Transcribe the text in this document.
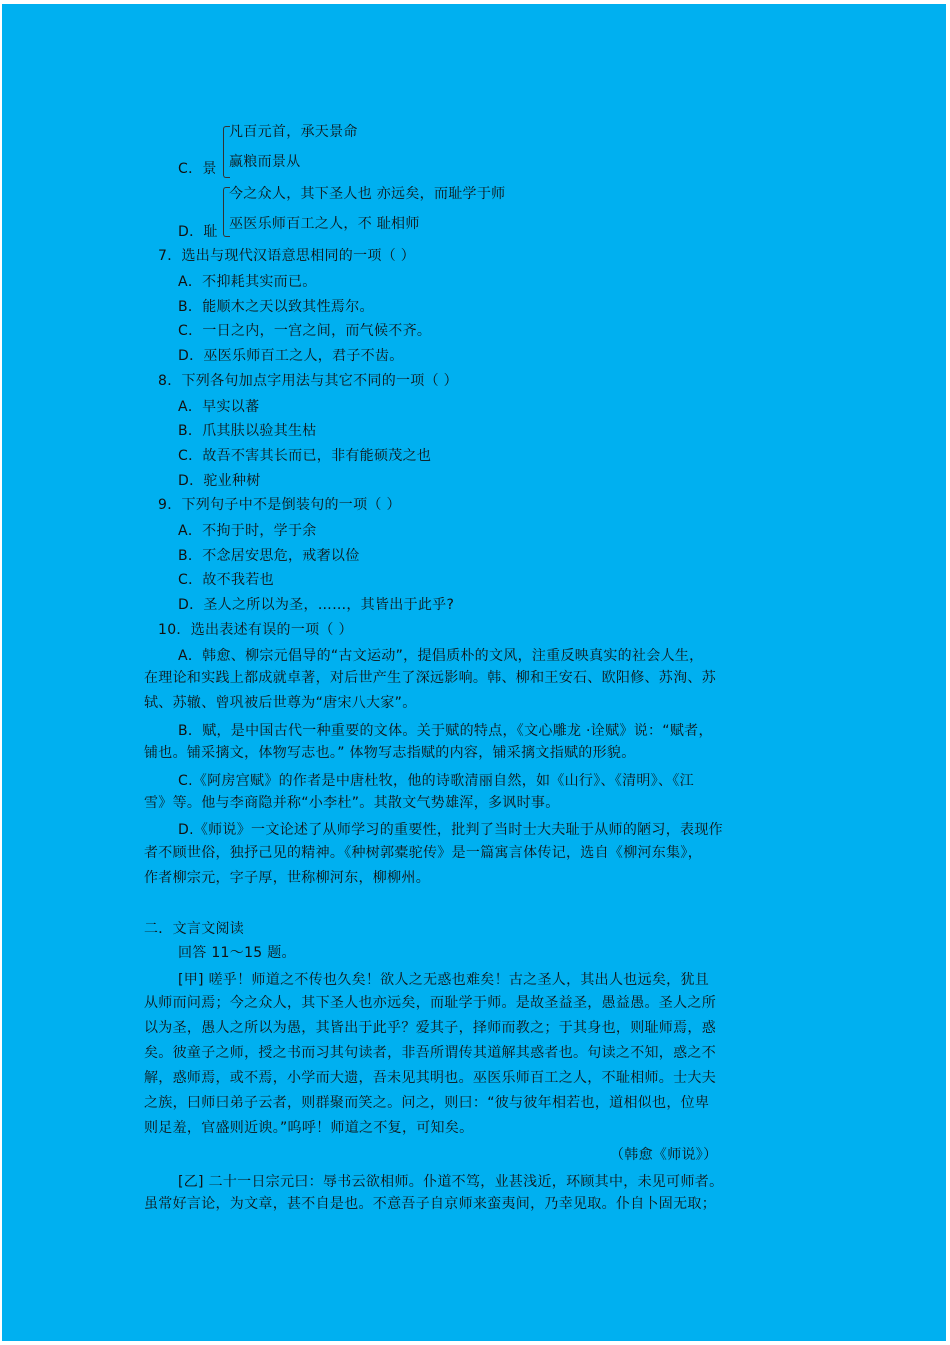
凡百元首，承天景命
赢粮而景从
C．景
今之众人，其下圣人也 亦远矣，而耻学于师
巫医乐师百工之人，不 耻相师
D．耻
7．选出与现代汉语意思相同的一项（ ）
A．不抑耗其实而已。
B．能顺木之天以致其性焉尔。
C．一日之内，一宫之间，而气候不齐。
D．巫医乐师百工之人，君子不齿。
8．下列各句加点字用法与其它不同的一项（ ）
A．早实以蕃
B．爪其肤以验其生枯
C．故吾不害其长而已，非有能硕茂之也
D．驼业种树
9．下列句子中不是倒装句的一项（ ）
A．不拘于时，学于余
B．不念居安思危，戒奢以俭
C．故不我若也
D．圣人之所以为圣，……，其皆出于此乎?
10．选出表述有误的一项（ ）
A．韩愈、柳宗元倡导的“古文运动”，提倡质朴的文风，注重反映真实的社会人生，
在理论和实践上都成就卓著，对后世产生了深远影响。韩、柳和王安石、欧阳修、苏洵、苏
轼、苏辙、曾巩被后世尊为“唐宋八大家”。
B．赋，是中国古代一种重要的文体。关于赋的特点，《文心雕龙 ·诠赋》说：“赋者，
铺也。铺采摛文，体物写志也。” 体物写志指赋的内容，铺采摛文指赋的形貌。
C.《阿房宫赋》的作者是中唐杜牧，他的诗歌清丽自然，如《山行》、《清明》、《江
雪》等。他与李商隐并称“小李杜”。其散文气势雄浑，多讽时事。
D.《师说》一文论述了从师学习的重要性，批判了当时士大夫耻于从师的陋习，表现作
者不顾世俗，独抒己见的精神。《种树郭橐驼传》是一篇寓言体传记，选自《柳河东集》，
作者柳宗元，字子厚，世称柳河东，柳柳州。
二．文言文阅读
回答 11～15 题。
[甲] 嗟乎！师道之不传也久矣！欲人之无惑也难矣！古之圣人，其出人也远矣，犹且
从师而问焉；今之众人，其下圣人也亦远矣，而耻学于师。是故圣益圣，愚益愚。圣人之所
以为圣，愚人之所以为愚，其皆出于此乎？爱其子，择师而教之；于其身也，则耻师焉，惑
矣。彼童子之师，授之书而习其句读者，非吾所谓传其道解其惑者也。句读之不知，惑之不
解，惑师焉，或不焉，小学而大遗，吾未见其明也。巫医乐师百工之人，不耻相师。士大夫
之族，曰师曰弟子云者，则群聚而笑之。问之，则曰：“彼与彼年相若也，道相似也，位卑
则足羞，官盛则近谀。”呜呼！师道之不复，可知矣。
（韩愈《师说》）
[乙] 二十一日宗元曰：辱书云欲相师。仆道不笃，业甚浅近，环顾其中，未见可师者。
虽常好言论，为文章，甚不自是也。不意吾子自京师来蛮夷间，乃幸见取。仆自卜固无取；
